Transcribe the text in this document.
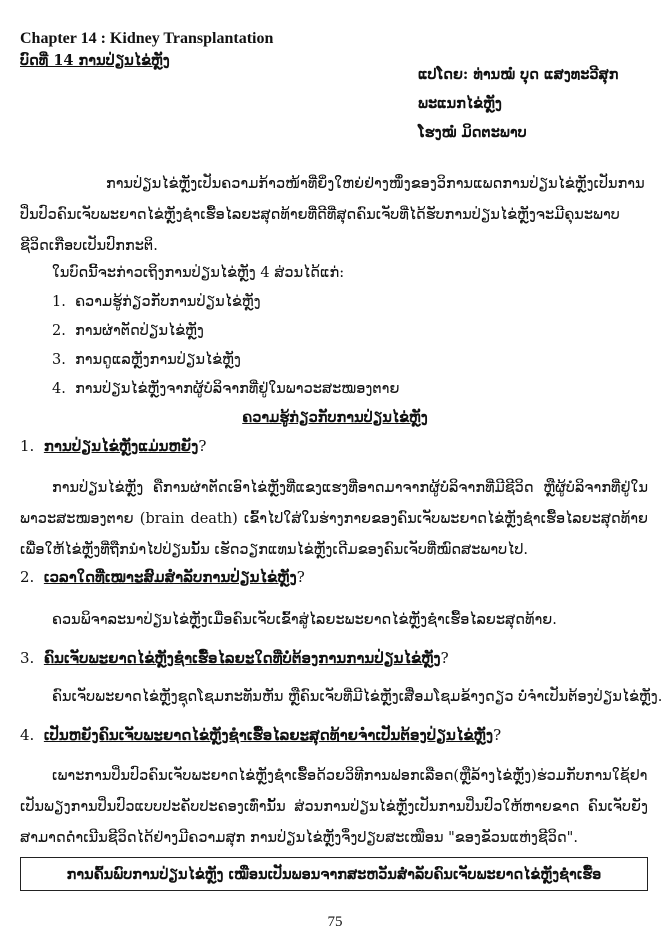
Chapter 14 : Kidney Transplantation
ບົດທີ່ 14 ການປ່ຽນໄຂ່ຫຼັງ
ແປໂດຍ: ທ່ານໝໍ ບຸດ ແສງທະວີສຸກ
ພະແນກໄຂ່ຫຼັງ
ໂຮງໝໍ ມິດຕະພາບ
ການປ່ຽນໄຂ່ຫຼັງເປັນຄວາມກ້າວໜ້າທີ່ຍິ່ງໃຫຍ່ຢ່າງໜຶ່ງຂອງວິການແພດການປ່ຽນໄຂ່ຫຼັງເປັນການປິ່ນປົວຄົນເຈັບພະຍາດໄຂ່ຫຼັງຊໍາເຮື້ອໄລຍະສຸດທ້າຍທີ່ດີທີ່ສຸດຄົນເຈັບທີ່ໄດ້ຮັບການປ່ຽນໄຂ່ຫຼັງຈະມີຄຸນະພາບຊີວິດເກືອບເປັນປົກກະຕິ.
ໃນບົດນີ້ຈະກ່າວເຖິງການປ່ຽນໄຂ່ຫຼັງ 4 ສ່ວນໄດ້ແກ່:
1. ຄວາມຮູ້ກ່ຽວກັບການປ່ຽນໄຂ່ຫຼັງ
2. ການຜ່າຕັດປ່ຽນໄຂ່ຫຼັງ
3. ການດູແລຫຼັງການປ່ຽນໄຂ່ຫຼັງ
4. ການປ່ຽນໄຂ່ຫຼັງຈາກຜູ້ບໍລິຈາກທີ່ຢູ່ໃນພາວະສະໝອງຕາຍ
ຄວາມຮູ້ກ່ຽວກັບການປ່ຽນໄຂ່ຫຼັງ
1. ການປ່ຽນໄຂ່ຫຼັງແມ່ນຫຍັງ?
ການປ່ຽນໄຂ່ຫຼັງ ຄືການຜ່າຕັດເອົາໄຂ່ຫຼັງທີ່ແຂງແຮງທີ່ອາດມາຈາກຜູ້ບໍລິຈາກທີ່ມີຊີວິດ ຫຼືຜູ້ບໍລິຈາກທີ່ຢູ່ໃນພາວະສະໝອງຕາຍ (brain death) ເຂົ້າໄປໃສ່ໃນຮ່າງກາຍຂອງຄົນເຈັບພະຍາດໄຂ່ຫຼັງຊໍາເຮື້ອໄລຍະສຸດທ້າຍ ເພື່ອໃຫ້ໄຂ່ຫຼັງທີ່ຖືກນໍາໄປປ່ຽນນັ້ນ ເຮັດວຽກແທນໄຂ່ຫຼັງເດີມຂອງຄົນເຈັບທີ່ໝົດສະພາບໄປ.
2. ເວລາໃດທີ່ເໝາະສົມສໍາລັບການປ່ຽນໄຂ່ຫຼັງ?
ຄວນພິຈາລະນາປ່ຽນໄຂ່ຫຼັງເມື່ອຄົນເຈັບເຂົ້າສູ່ໄລຍະພະຍາດໄຂ່ຫຼັງຊໍາເຮື້ອໄລຍະສຸດທ້າຍ.
3. ຄົນເຈັບພະຍາດໄຂ່ຫຼັງຊໍາເຮື້ອໄລຍະໃດທີ່ບໍ່ຕ້ອງການການປ່ຽນໄຂ່ຫຼັງ?
ຄົນເຈັບພະຍາດໄຂ່ຫຼັງຊຸດໂຊມກະທັນຫັນ ຫຼືຄົນເຈັບທີ່ມີໄຂ່ຫຼັງເສື່ອມໂຊມຂ້າງດຽວ ບໍ່ຈໍາເປັນຕ້ອງປ່ຽນໄຂ່ຫຼັງ.
4. ເປັນຫຍັງຄົນເຈັບພະຍາດໄຂ່ຫຼັງຊໍາເຮື້ອໄລຍະສຸດທ້າຍຈໍາເປັນຕ້ອງປ່ຽນໄຂ່ຫຼັງ?
ເພາະການປິ່ນປົວຄົນເຈັບພະຍາດໄຂ່ຫຼັງຊໍາເຮື້ອດ້ວຍວິທີການຟອກເລືອດ(ຫຼືລ້າງໄຂ່ຫຼັງ)ຮ່ວມກັບການໃຊ້ຢາເປັນພຽງການປິ່ນປົວແບບປະຄັບປະຄອງເທົ່ານັ້ນ ສ່ວນການປ່ຽນໄຂ່ຫຼັງເປັນການປິ່ນປົວໃຫ້ຫາຍຂາດ ຄົນເຈັບຍັງສາມາດດໍາເນີນຊີວິດໄດ້ຢ່າງມີຄວາມສຸກ ການປ່ຽນໄຂ່ຫຼັງຈຶ່ງປຽບສະເໝືອນ "ຂອງຂັວນແຫ່ງຊີວິດ".
ການຄົ້ນພົບການປ່ຽນໄຂ່ຫຼັງ ເໝືອນເປັນພອນຈາກສະຫວັນສໍາລັບຄົນເຈັບພະຍາດໄຂ່ຫຼັງຊໍາເຮື້ອ
75
